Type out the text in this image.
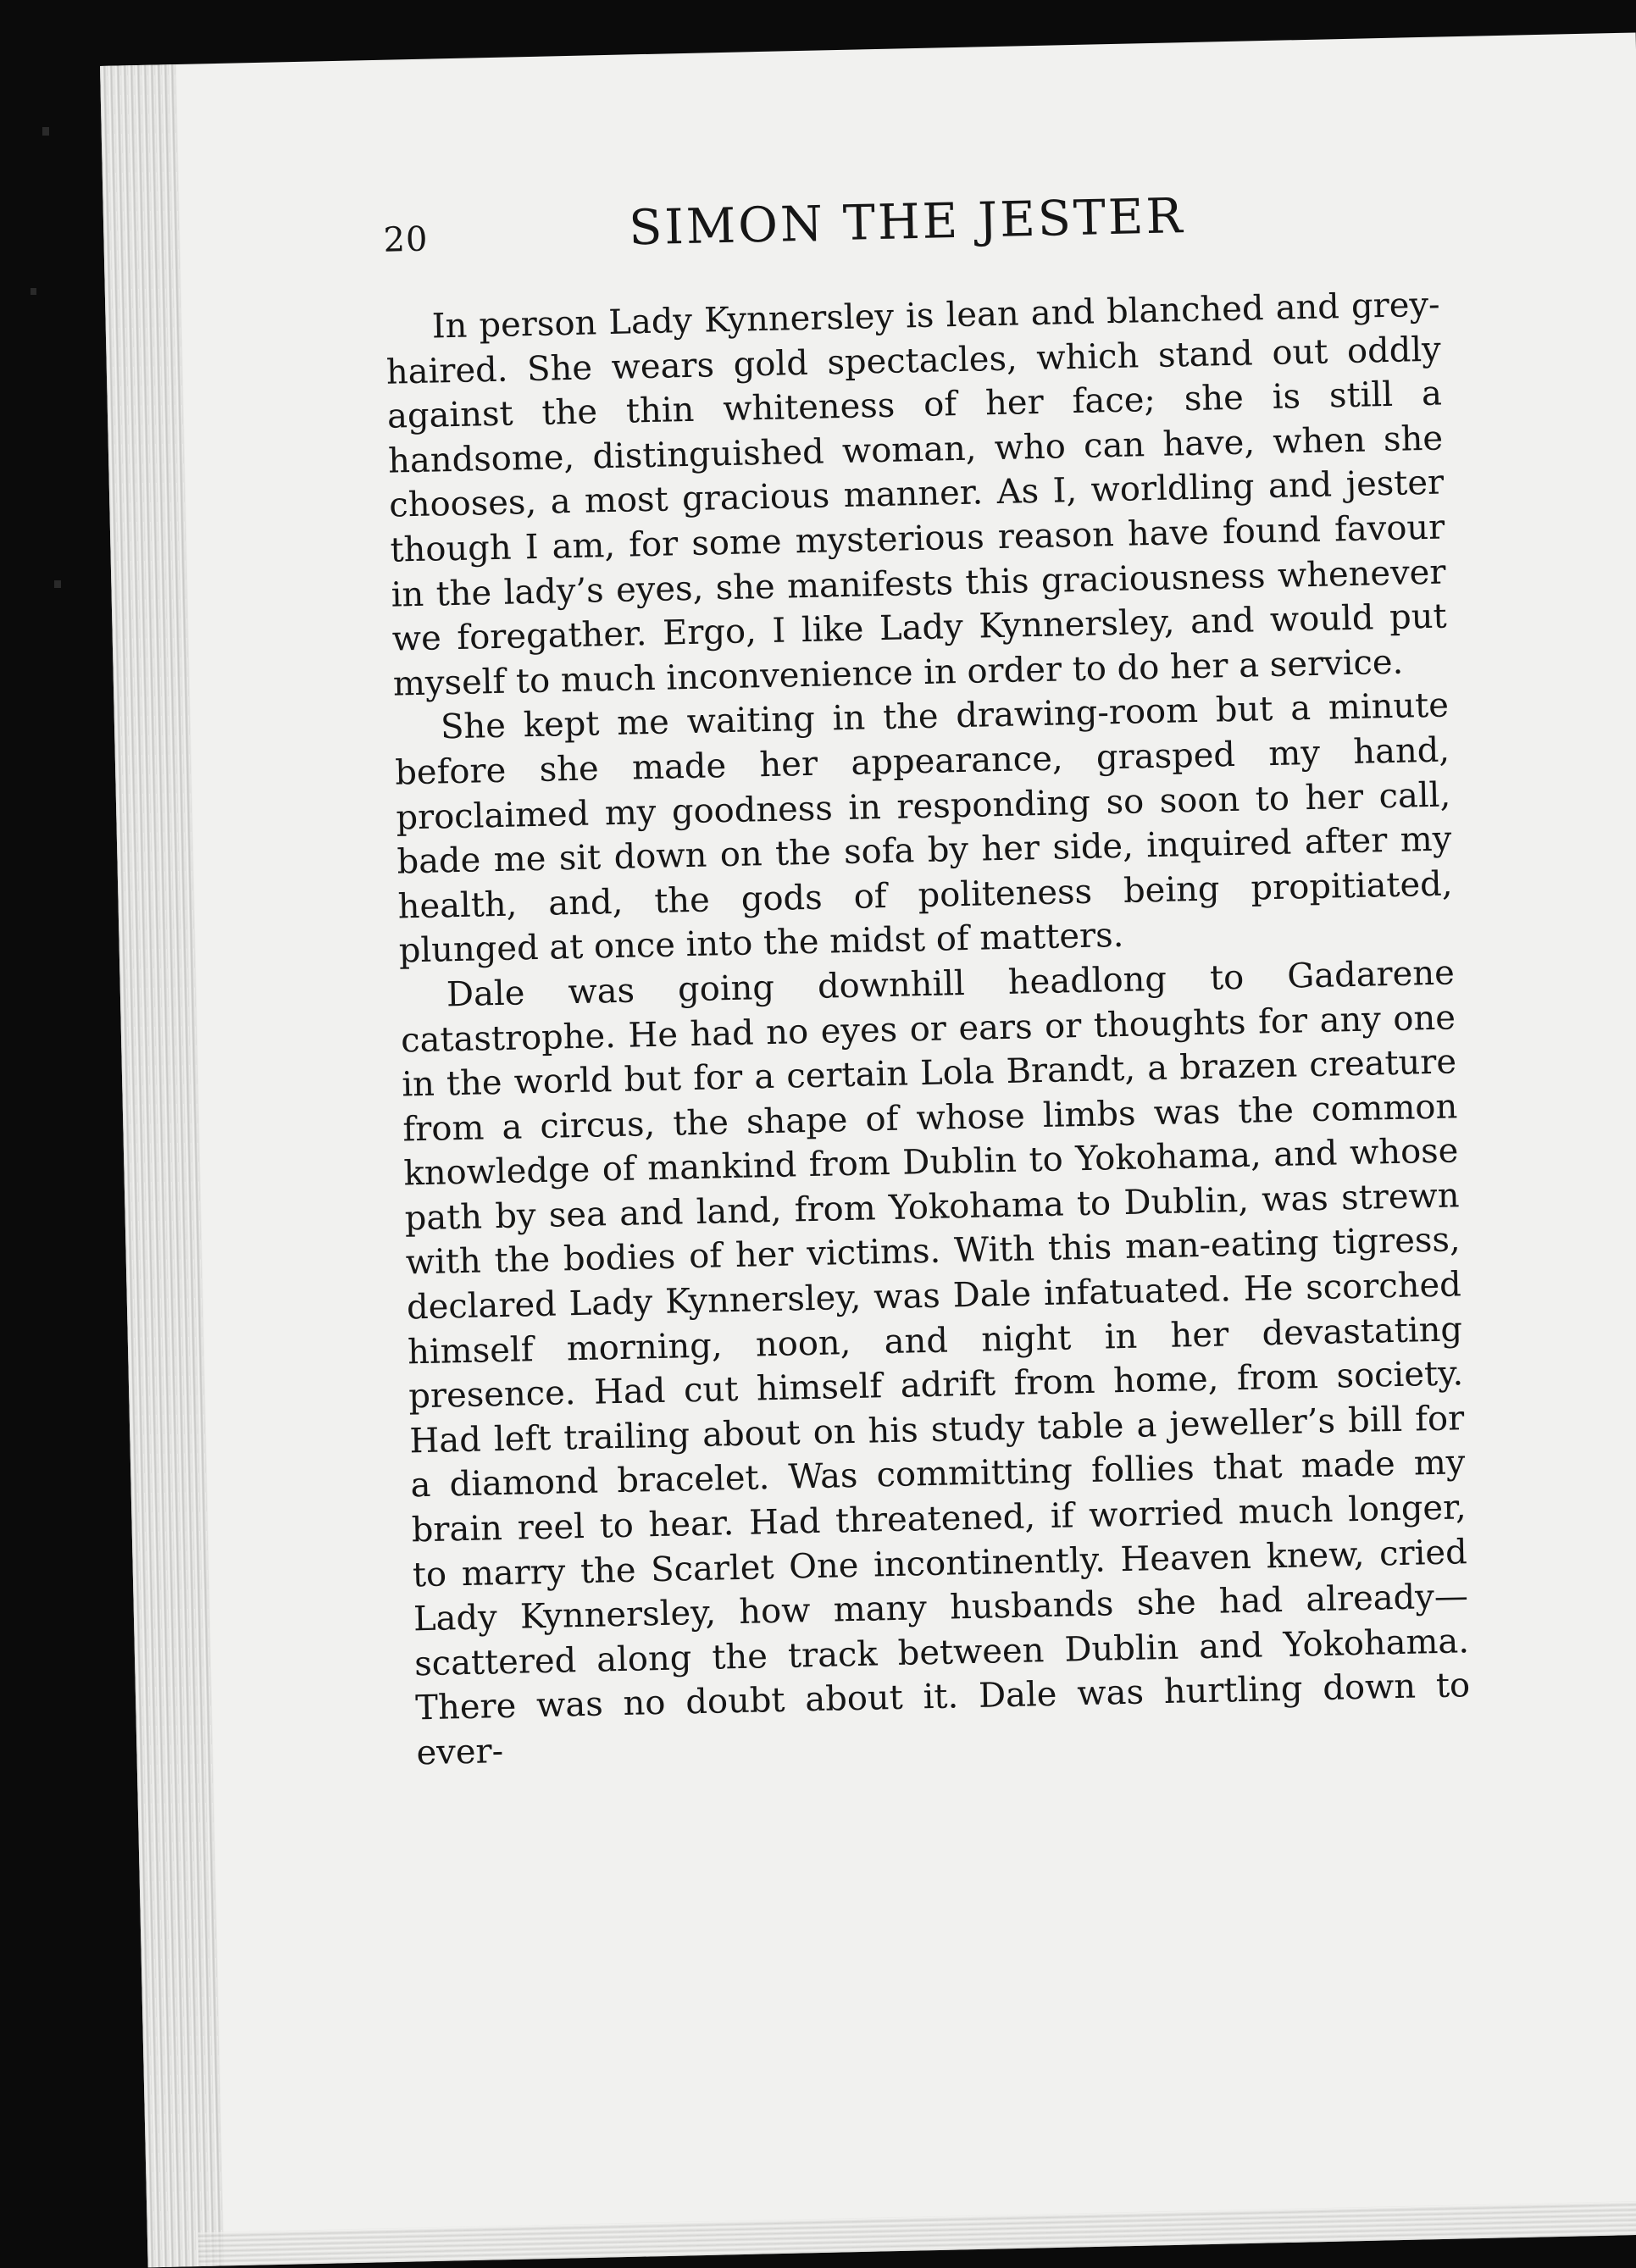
20	SIMON THE JESTER

In person Lady Kynnersley is lean and blanched and grey-haired. She wears gold spectacles, which stand out oddly against the thin whiteness of her face; she is still a handsome, distinguished woman, who can have, when she chooses, a most gracious manner. As I, worldling and jester though I am, for some mysterious reason have found favour in the lady’s eyes, she manifests this graciousness whenever we foregather. Ergo, I like Lady Kynnersley, and would put myself to much inconvenience in order to do her a service.

She kept me waiting in the drawing-room but a minute before she made her appearance, grasped my hand, proclaimed my goodness in responding so soon to her call, bade me sit down on the sofa by her side, inquired after my health, and, the gods of politeness being propitiated, plunged at once into the midst of matters.

Dale was going downhill headlong to Gadarene catastrophe. He had no eyes or ears or thoughts for any one in the world but for a certain Lola Brandt, a brazen creature from a circus, the shape of whose limbs was the common knowledge of mankind from Dublin to Yokohama, and whose path by sea and land, from Yokohama to Dublin, was strewn with the bodies of her victims. With this man-eating tigress, declared Lady Kynnersley, was Dale infatuated. He scorched himself morning, noon, and night in her devastating presence. Had cut himself adrift from home, from society. Had left trailing about on his study table a jeweller’s bill for a diamond bracelet. Was committing follies that made my brain reel to hear. Had threatened, if worried much longer, to marry the Scarlet One incontinently. Heaven knew, cried Lady Kynnersley, how many husbands she had already—scattered along the track between Dublin and Yokohama. There was no doubt about it. Dale was hurtling down to ever-
